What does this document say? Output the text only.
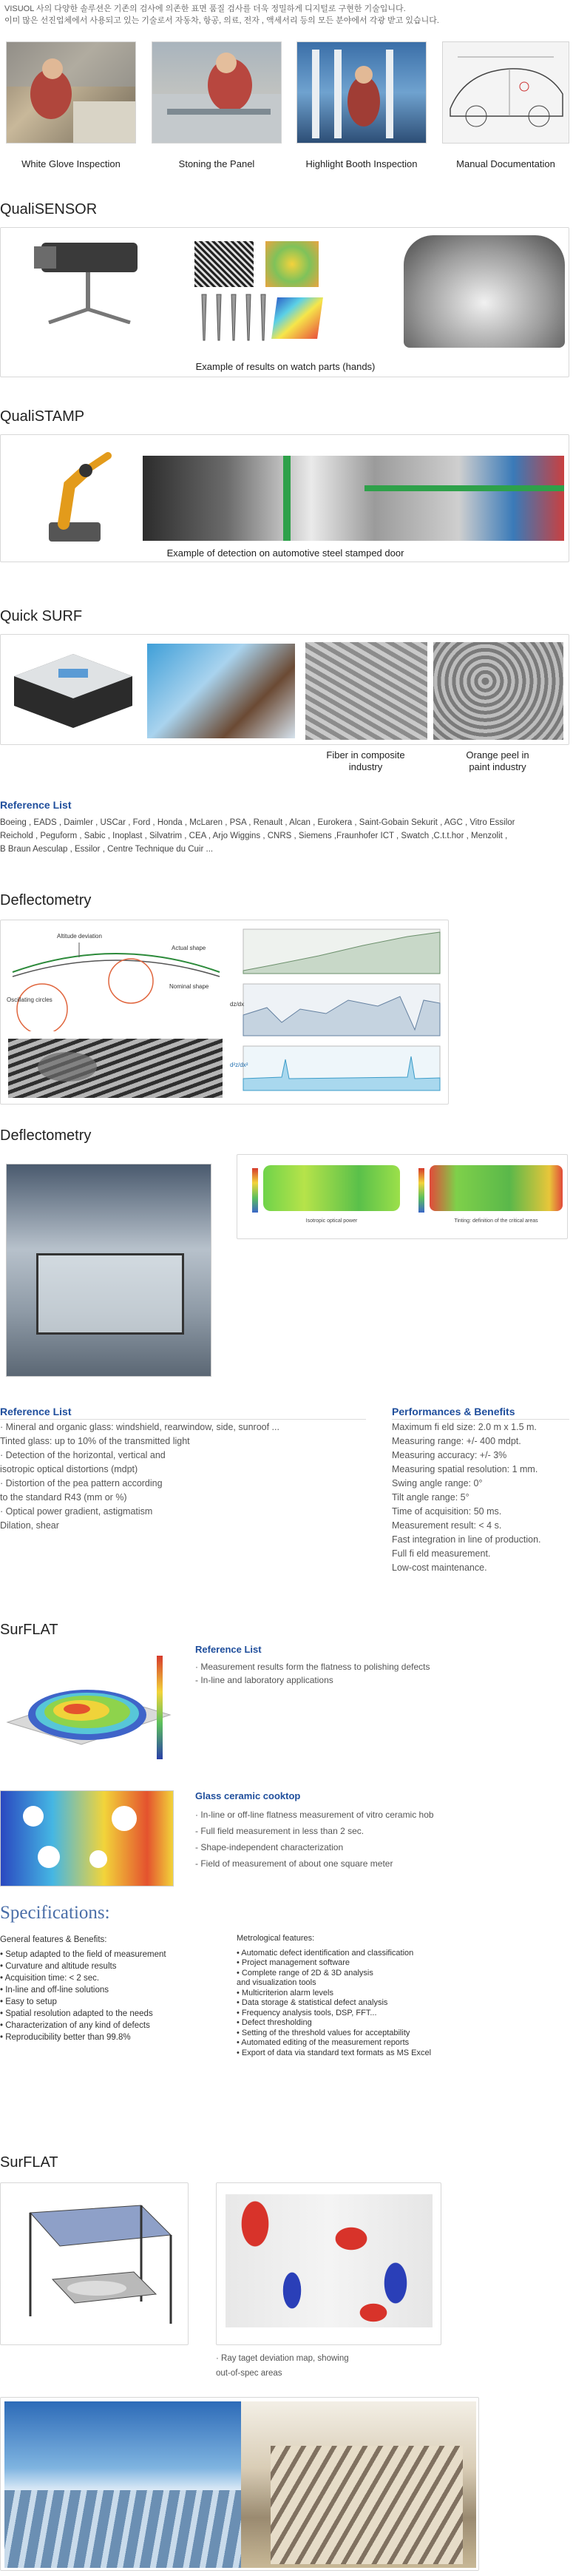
VISUOL 사의 다양한 솔루션은 기존의 검사에 의존한 표면 품질 검사를 더욱 정밀하게 디지털로 구현한 기술입니다.
이미 많은 선진업체에서 사용되고 있는 기술로서 자동차, 항공, 의료, 전자 , 액세서리 등의 모든 분야에서 각광 받고 있습니다.
White Glove Inspection	Stoning the Panel	Highlight Booth Inspection	Manual Documentation
QualiSENSOR
Example of results on watch parts (hands)
QualiSTAMP
Example of detection on automotive steel stamped door
Quick SURF
Fiber in composite
industry
Orange peel in
paint industry
Reference List
Boeing , EADS , Daimler , USCar , Ford , Honda , McLaren , PSA , Renault , Alcan , Eurokera , Saint-Gobain Sekurit , AGC , Vitro Essilor
Reichold , Peguform , Sabic , Inoplast , Silvatrim , CEA , Arjo Wiggins , CNRS , Siemens ,Fraunhofer ICT , Swatch ,C.t.t.hor , Menzolit ,
B Braun Aesculap , Essilor , Centre Technique du Cuir ...
Deflectometry
Altitude deviation
Actual shape
Nominal shape
Oscillating circles
dz/dx
d²z/dx²
Deflectometry
Isotropic optical power	Tinting: definition of the critical areas
Reference List
· Mineral and organic glass: windshield, rearwindow, side, sunroof ...
Tinted glass: up to 10% of the transmitted light
· Detection of the horizontal, vertical and
isotropic optical distortions (mdpt)
· Distortion of the pea pattern according
to the standard R43 (mm or %)
· Optical power gradient, astigmatism
Dilation, shear
Performances & Benefits
Maximum fi eld size: 2.0 m x 1.5 m.
Measuring range: +/- 400 mdpt.
Measuring accuracy: +/- 3%
Measuring spatial resolution: 1 mm.
Swing angle range: 0°
Tilt angle range: 5°
Time of acquisition: 50 ms.
Measurement result: < 4 s.
Fast integration in line of production.
Full fi eld measurement.
Low-cost maintenance.
SurFLAT
Reference List
· Measurement results form the flatness to polishing defects
- In-line and laboratory applications
Glass ceramic cooktop
· In-line or off-line flatness measurement of vitro ceramic hob
- Full field measurement in less than 2 sec.
- Shape-independent characterization
- Field of measurement of about one square meter
Specifications:
General features & Benefits:
• Setup adapted to the field of measurement
• Curvature and altitude results
• Acquisition time: < 2 sec.
• In-line and off-line solutions
• Easy to setup
• Spatial resolution adapted to the needs
• Characterization of any kind of defects
• Reproducibility better than 99.8%
Metrological features:
• Automatic defect identification and classification
• Project management software
• Complete range of 2D & 3D analysis
and visualization tools
• Multicriterion alarm levels
• Data storage & statistical defect analysis
• Frequency analysis tools, DSP, FFT...
• Defect thresholding
• Setting of the threshold values for acceptability
• Automated editing of the measurement reports
• Export of data via standard text formats as MS Excel
SurFLAT
· Ray taget deviation map, showing
out-of-spec areas
